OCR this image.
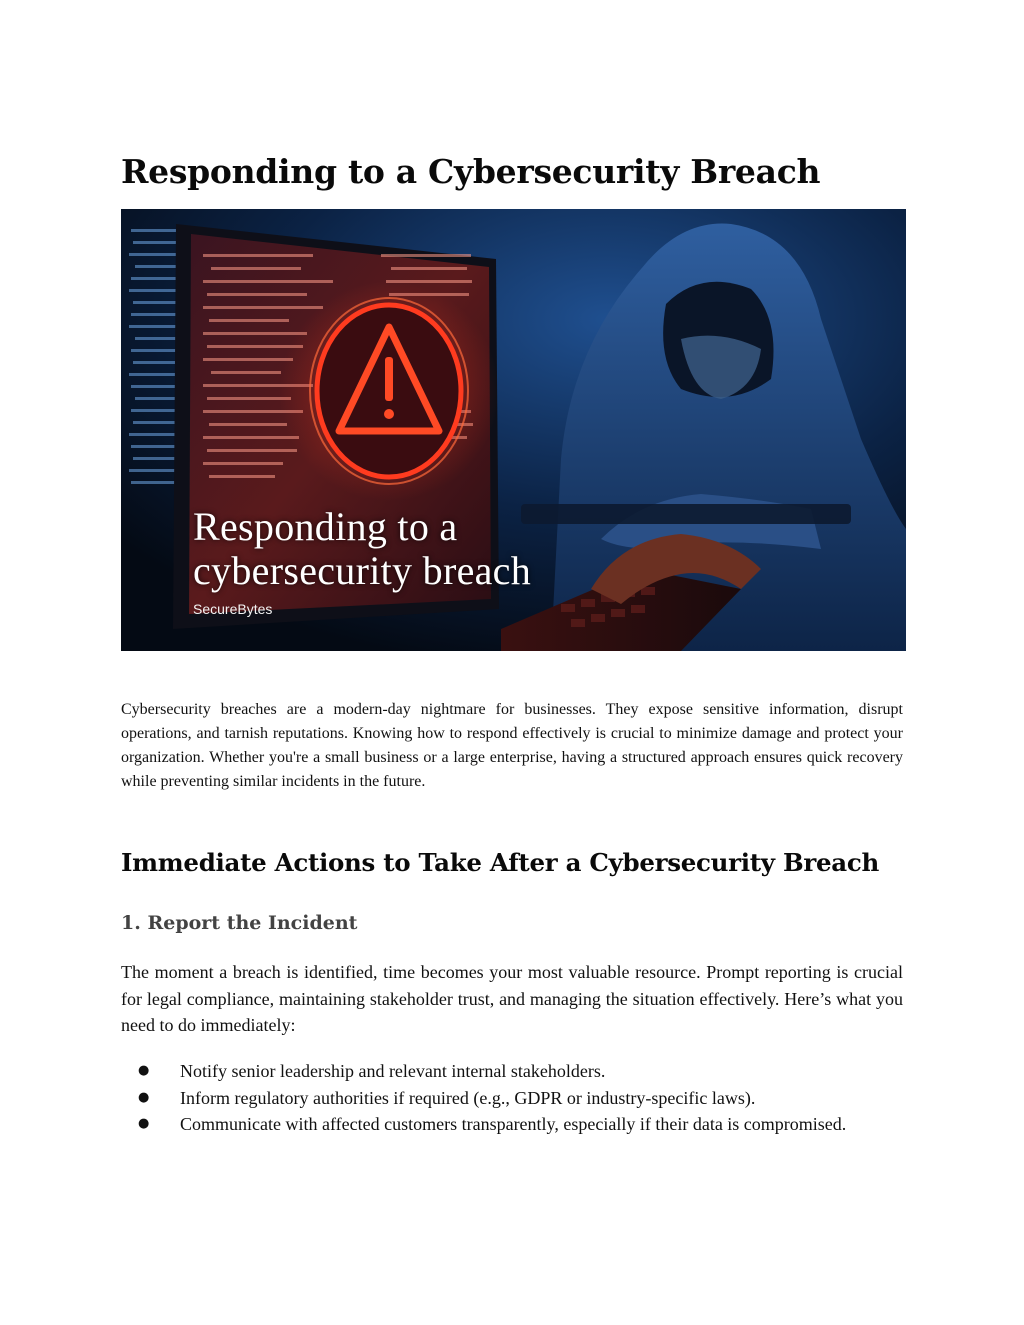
Responding to a Cybersecurity Breach
Responding to a
cybersecurity breach
SecureBytes

Cybersecurity breaches are a modern-day nightmare for businesses. They expose sensitive information, disrupt operations, and tarnish reputations. Knowing how to respond effectively is crucial to minimize damage and protect your organization. Whether you're a small business or a large enterprise, having a structured approach ensures quick recovery while preventing similar incidents in the future.

Immediate Actions to Take After a Cybersecurity Breach
1. Report the Incident

The moment a breach is identified, time becomes your most valuable resource. Prompt reporting is crucial for legal compliance, maintaining stakeholder trust, and managing the situation effectively. Here’s what you need to do immediately:

● Notify senior leadership and relevant internal stakeholders.
● Inform regulatory authorities if required (e.g., GDPR or industry-specific laws).
● Communicate with affected customers transparently, especially if their data is compromised.
